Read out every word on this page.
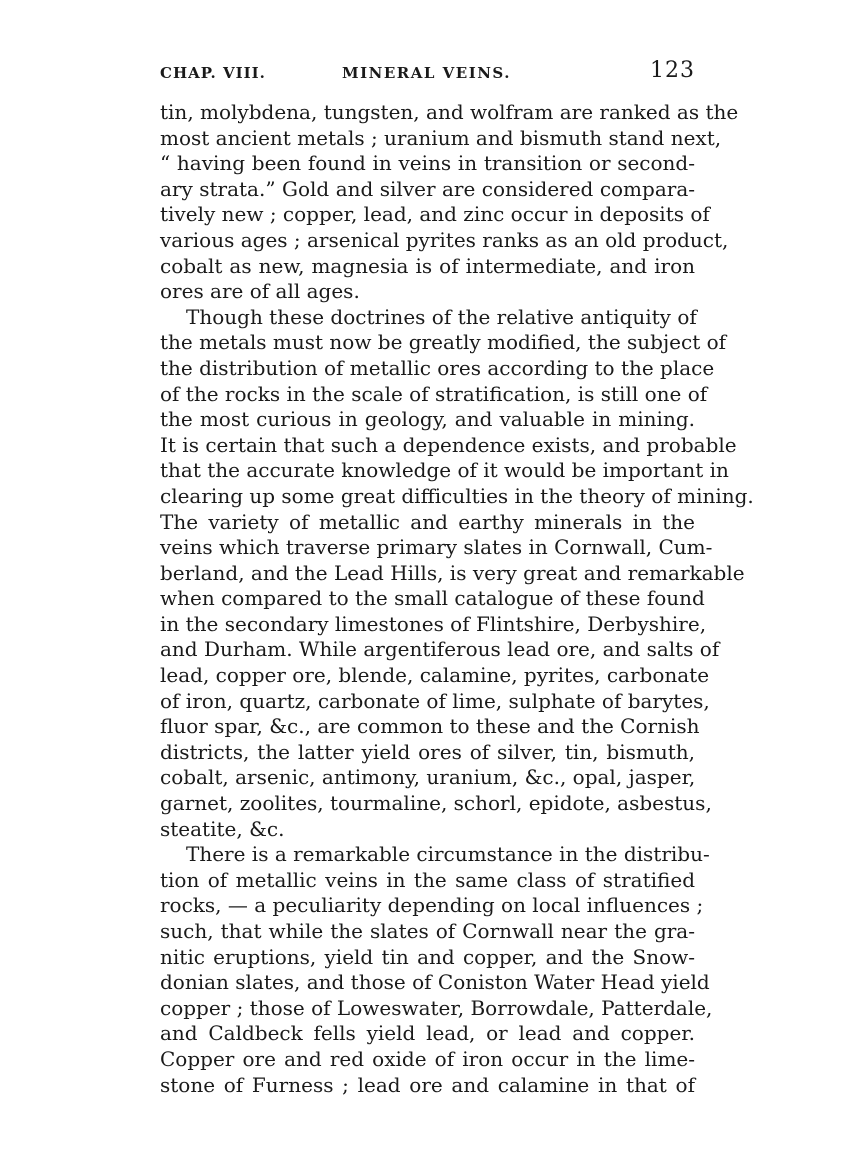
CHAP. VIII.	MINERAL VEINS.	123
tin, molybdena, tungsten, and wolfram are ranked as the
most ancient metals ; uranium and bismuth stand next,
“ having been found in veins in transition or second-
ary strata.” Gold and silver are considered compara-
tively new ; copper, lead, and zinc occur in deposits of
various ages ; arsenical pyrites ranks as an old product,
cobalt as new, magnesia is of intermediate, and iron
ores are of all ages.
Though these doctrines of the relative antiquity of
the metals must now be greatly modified, the subject of
the distribution of metallic ores according to the place
of the rocks in the scale of stratification, is still one of
the most curious in geology, and valuable in mining.
It is certain that such a dependence exists, and probable
that the accurate knowledge of it would be important in
clearing up some great difficulties in the theory of mining.
The variety of metallic and earthy minerals in the
veins which traverse primary slates in Cornwall, Cum-
berland, and the Lead Hills, is very great and remarkable
when compared to the small catalogue of these found
in the secondary limestones of Flintshire, Derbyshire,
and Durham. While argentiferous lead ore, and salts of
lead, copper ore, blende, calamine, pyrites, carbonate
of iron, quartz, carbonate of lime, sulphate of barytes,
fluor spar, &c., are common to these and the Cornish
districts, the latter yield ores of silver, tin, bismuth,
cobalt, arsenic, antimony, uranium, &c., opal, jasper,
garnet, zoolites, tourmaline, schorl, epidote, asbestus,
steatite, &c.
There is a remarkable circumstance in the distribu-
tion of metallic veins in the same class of stratified
rocks, — a peculiarity depending on local influences ;
such, that while the slates of Cornwall near the gra-
nitic eruptions, yield tin and copper, and the Snow-
donian slates, and those of Coniston Water Head yield
copper ; those of Loweswater, Borrowdale, Patterdale,
and Caldbeck fells yield lead, or lead and copper.
Copper ore and red oxide of iron occur in the lime-
stone of Furness ; lead ore and calamine in that of
